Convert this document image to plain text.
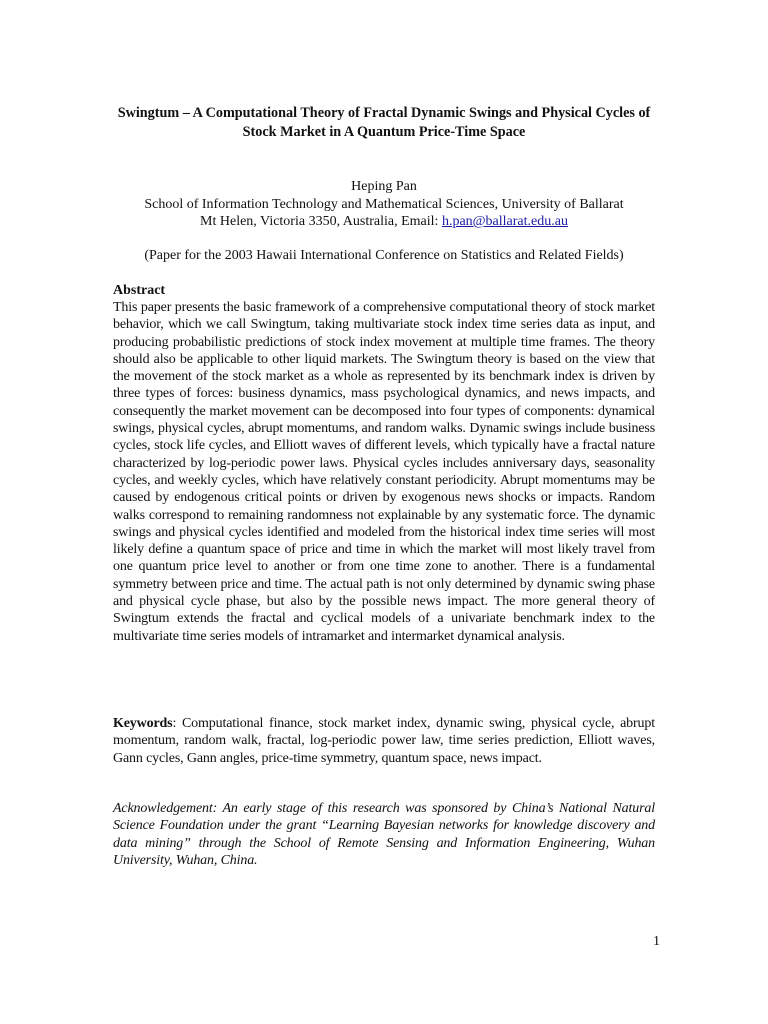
Swingtum – A Computational Theory of Fractal Dynamic Swings and Physical Cycles of Stock Market in A Quantum Price-Time Space
Heping Pan
School of Information Technology and Mathematical Sciences, University of Ballarat
Mt Helen, Victoria 3350, Australia, Email: h.pan@ballarat.edu.au
(Paper for the 2003 Hawaii International Conference on Statistics and Related Fields)
Abstract
This paper presents the basic framework of a comprehensive computational theory of stock market behavior, which we call Swingtum, taking multivariate stock index time series data as input, and producing probabilistic predictions of stock index movement at multiple time frames. The theory should also be applicable to other liquid markets. The Swingtum theory is based on the view that the movement of the stock market as a whole as represented by its benchmark index is driven by three types of forces: business dynamics, mass psychological dynamics, and news impacts, and consequently the market movement can be decomposed into four types of components: dynamical swings, physical cycles, abrupt momentums, and random walks. Dynamic swings include business cycles, stock life cycles, and Elliott waves of different levels, which typically have a fractal nature characterized by log-periodic power laws. Physical cycles includes anniversary days, seasonality cycles, and weekly cycles, which have relatively constant periodicity. Abrupt momentums may be caused by endogenous critical points or driven by exogenous news shocks or impacts. Random walks correspond to remaining randomness not explainable by any systematic force. The dynamic swings and physical cycles identified and modeled from the historical index time series will most likely define a quantum space of price and time in which the market will most likely travel from one quantum price level to another or from one time zone to another. There is a fundamental symmetry between price and time. The actual path is not only determined by dynamic swing phase and physical cycle phase, but also by the possible news impact. The more general theory of Swingtum extends the fractal and cyclical models of a univariate benchmark index to the multivariate time series models of intramarket and intermarket dynamical analysis.
Keywords: Computational finance, stock market index, dynamic swing, physical cycle, abrupt momentum, random walk, fractal, log-periodic power law, time series prediction, Elliott waves, Gann cycles, Gann angles, price-time symmetry, quantum space, news impact.
Acknowledgement: An early stage of this research was sponsored by China’s National Natural Science Foundation under the grant “Learning Bayesian networks for knowledge discovery and data mining” through the School of Remote Sensing and Information Engineering, Wuhan University, Wuhan, China.
1
